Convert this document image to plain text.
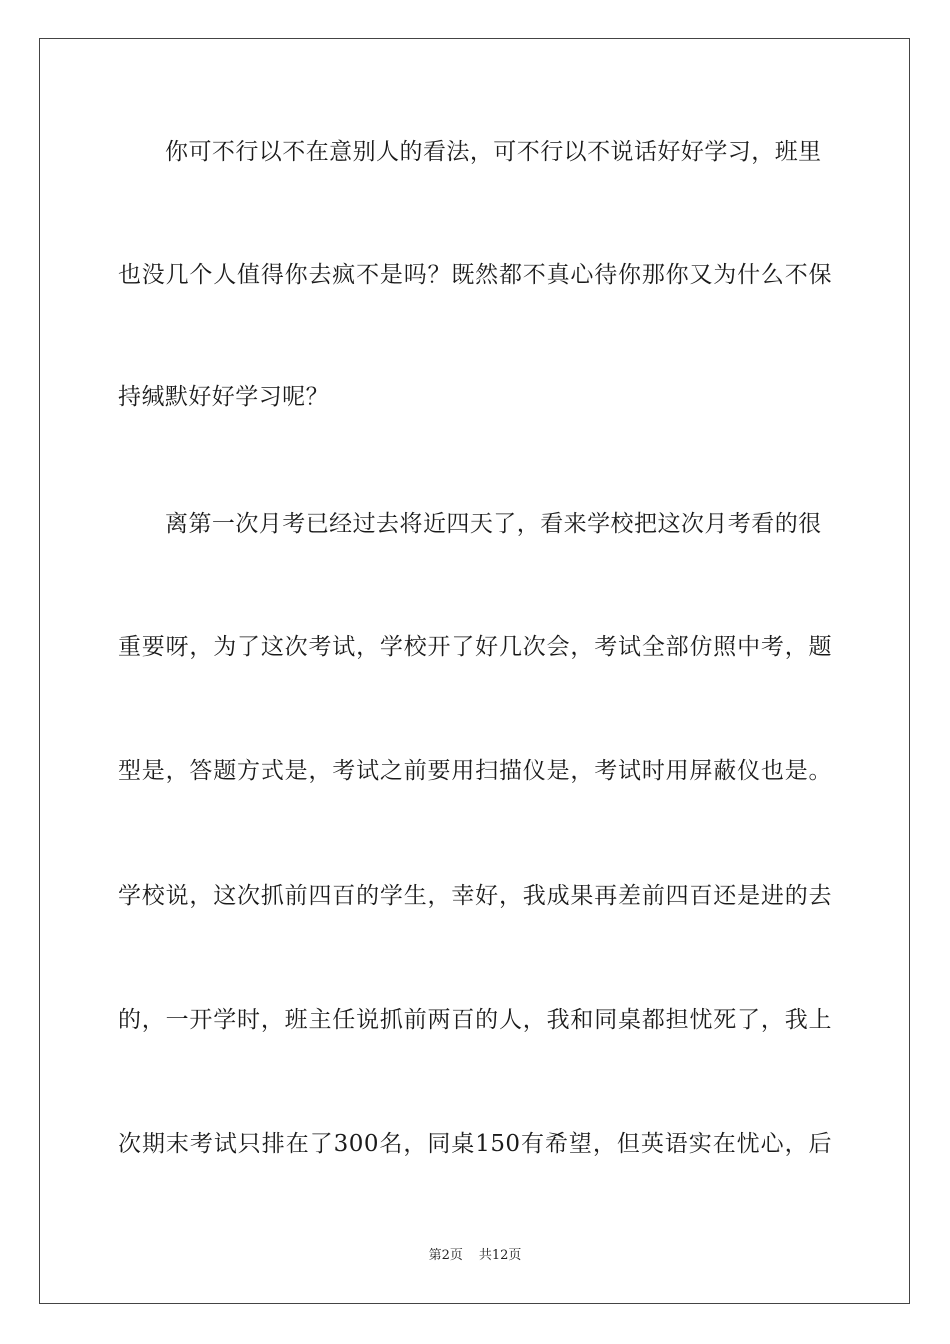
你可不行以不在意别人的看法，可不行以不说话好好学习，班里
也没几个人值得你去疯不是吗？既然都不真心待你那你又为什么不保
持缄默好好学习呢？
离第一次月考已经过去将近四天了，看来学校把这次月考看的很
重要呀，为了这次考试，学校开了好几次会，考试全部仿照中考，题
型是，答题方式是，考试之前要用扫描仪是，考试时用屏蔽仪也是。
学校说，这次抓前四百的学生，幸好，我成果再差前四百还是进的去
的，一开学时，班主任说抓前两百的人，我和同桌都担忧死了，我上
次期末考试只排在了300名，同桌150有希望，但英语实在忧心，后
第2页 共12页
